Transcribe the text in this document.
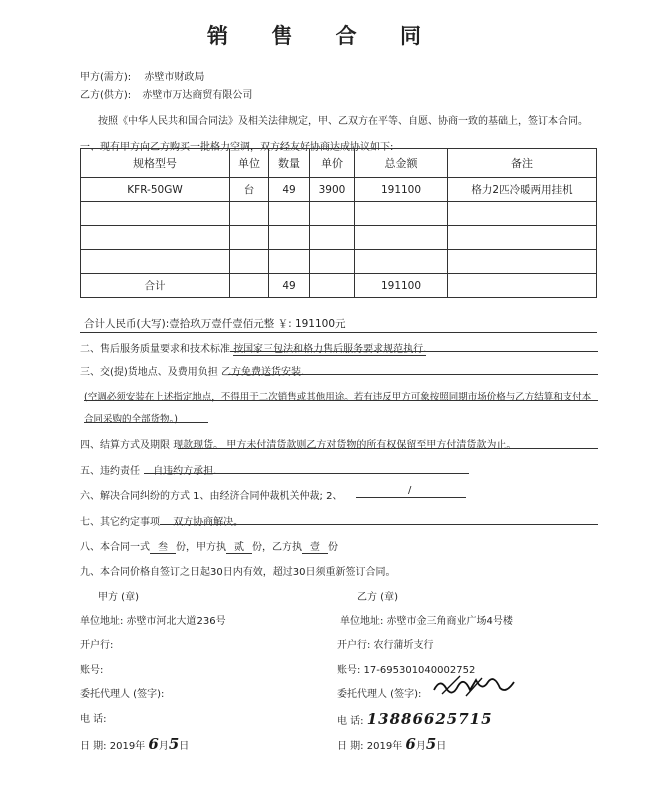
销 售 合 同
甲方(需方): 赤壁市财政局
乙方(供方): 赤壁市万达商贸有限公司
按照《中华人民共和国合同法》及相关法律规定，甲、乙双方在平等、自愿、协商一致的基础上，签订本合同。
一、现有甲方向乙方购买一批格力空调，双方经友好协商达成协议如下:
规格型号	单位	数量	单价	总金额	备注
KFR-50GW	台	49	3900	191100	格力2匹冷暖两用挂机

合计		49		191100	
合计人民币(大写):壹拾玖万壹仟壹佰元整 ￥: 191100元
二、售后服务质量要求和技术标准 按国家三包法和格力售后服务要求规范执行.
三、交(提)货地点、及费用负担 乙方免费送货安装.
(空调必须安装在上述指定地点，不得用于二次销售或其他用途。若有违反甲方可象按照同期市场价格与乙方结算和支付本合同采购的全部货物。)
四、结算方式及期限 现款现货。 甲方未付清货款则乙方对货物的所有权保留至甲方付清货款为止。
五、违约责任 自违约方承担.
六、解决合同纠纷的方式 1、由经济合同仲裁机关仲裁; 2、
/
七、其它约定事项 双方协商解决。
八、本合同一式 叁 份，甲方执 贰 份，乙方执 壹 份
九、本合同价格自签订之日起30日内有效，超过30日须重新签订合同。
甲方 (章)
单位地址: 赤壁市河北大道236号
开户行:
账号:
委托代理人 (签字):
电 话:
日 期: 2019年 6月5日
乙方 (章)
单位地址: 赤壁市金三角商业广场4号楼
开户行: 农行蒲圻支行
账号: 17-695301040002752
委托代理人 (签字):
电 话: 13886625715
日 期: 2019年 6月5日
